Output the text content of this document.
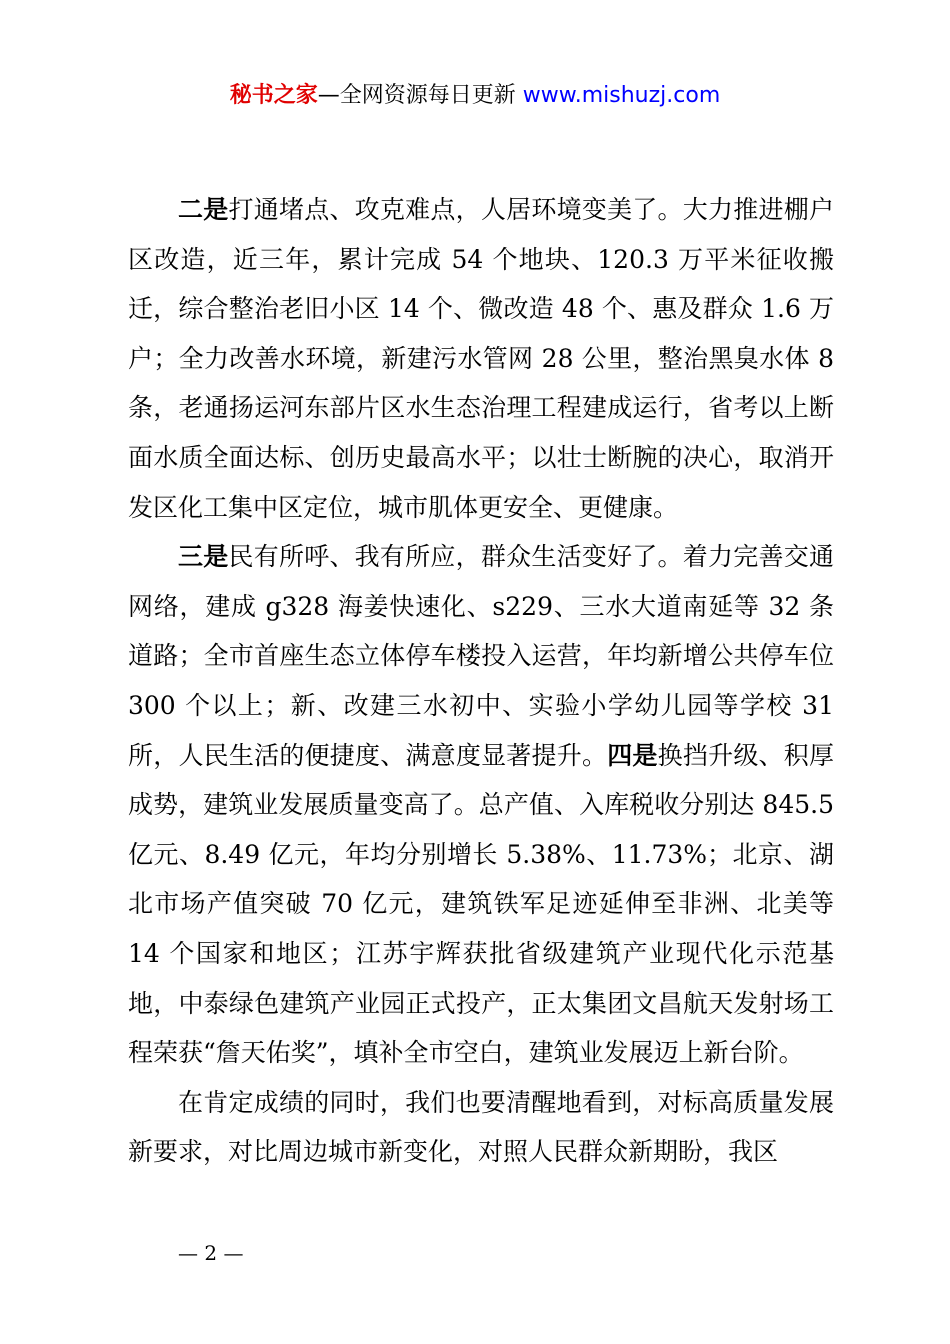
秘书之家—全网资源每日更新 www.mishuzj.com

二是打通堵点、攻克难点，人居环境变美了。大力推进棚户区改造，近三年，累计完成 54 个地块、120.3 万平米征收搬迁，综合整治老旧小区 14 个、微改造 48 个、惠及群众 1.6 万户；全力改善水环境，新建污水管网 28 公里，整治黑臭水体 8 条，老通扬运河东部片区水生态治理工程建成运行，省考以上断面水质全面达标、创历史最高水平；以壮士断腕的决心，取消开发区化工集中区定位，城市肌体更安全、更健康。

三是民有所呼、我有所应，群众生活变好了。着力完善交通网络，建成 g328 海姜快速化、s229、三水大道南延等 32 条道路；全市首座生态立体停车楼投入运营，年均新增公共停车位 300 个以上；新、改建三水初中、实验小学幼儿园等学校 31 所，人民生活的便捷度、满意度显著提升。四是换挡升级、积厚成势，建筑业发展质量变高了。总产值、入库税收分别达 845.5 亿元、8.49 亿元，年均分别增长 5.38%、11.73%；北京、湖北市场产值突破 70 亿元，建筑铁军足迹延伸至非洲、北美等 14 个国家和地区；江苏宇辉获批省级建筑产业现代化示范基地，中泰绿色建筑产业园正式投产，正太集团文昌航天发射场工程荣获“詹天佑奖”，填补全市空白，建筑业发展迈上新台阶。

在肯定成绩的同时，我们也要清醒地看到，对标高质量发展新要求，对比周边城市新变化，对照人民群众新期盼，我区

— 2 —
